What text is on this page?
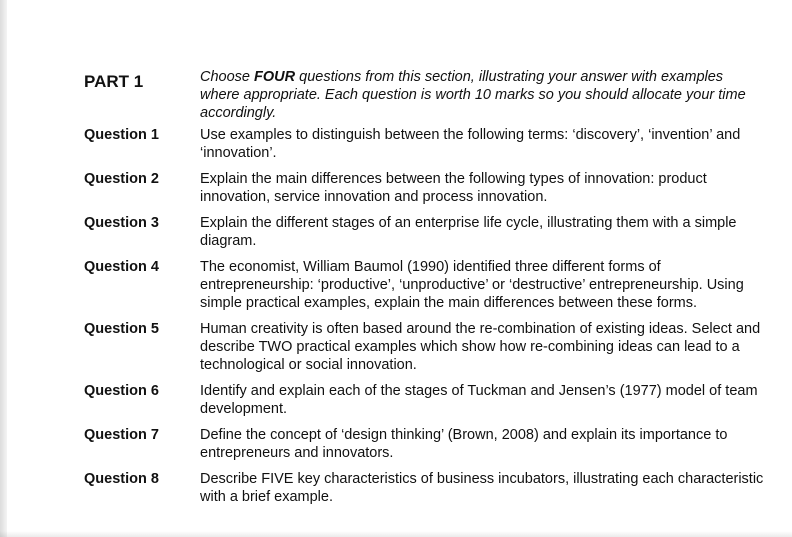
PART 1	Choose FOUR questions from this section, illustrating your answer with examples where appropriate. Each question is worth 10 marks so you should allocate your time accordingly.
Question 1	Use examples to distinguish between the following terms: ‘discovery’, ‘invention’ and ‘innovation’.
Question 2	Explain the main differences between the following types of innovation: product innovation, service innovation and process innovation.
Question 3	Explain the different stages of an enterprise life cycle, illustrating them with a simple diagram.
Question 4	The economist, William Baumol (1990) identified three different forms of entrepreneurship: ‘productive’, ‘unproductive’ or ‘destructive’ entrepreneurship. Using simple practical examples, explain the main differences between these forms.
Question 5	Human creativity is often based around the re-combination of existing ideas. Select and describe TWO practical examples which show how re-combining ideas can lead to a technological or social innovation.
Question 6	Identify and explain each of the stages of Tuckman and Jensen’s (1977) model of team development.
Question 7	Define the concept of ‘design thinking’ (Brown, 2008) and explain its importance to entrepreneurs and innovators.
Question 8	Describe FIVE key characteristics of business incubators, illustrating each characteristic with a brief example.
